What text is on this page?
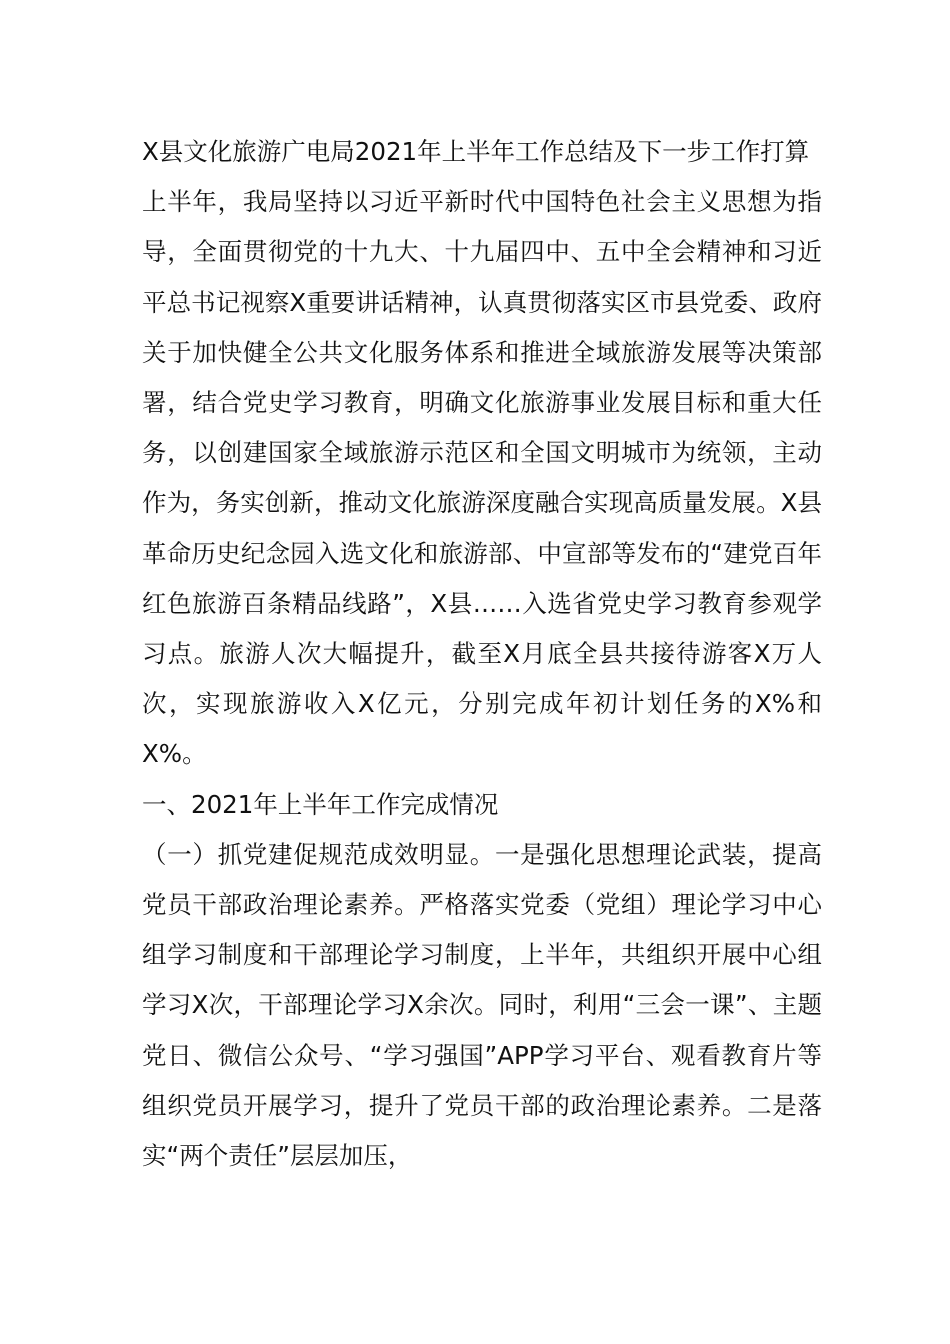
X县文化旅游广电局2021年上半年工作总结及下一步工作打算

上半年，我局坚持以习近平新时代中国特色社会主义思想为指导，全面贯彻党的十九大、十九届四中、五中全会精神和习近平总书记视察X重要讲话精神，认真贯彻落实区市县党委、政府关于加快健全公共文化服务体系和推进全域旅游发展等决策部署，结合党史学习教育，明确文化旅游事业发展目标和重大任务，以创建国家全域旅游示范区和全国文明城市为统领，主动作为，务实创新，推动文化旅游深度融合实现高质量发展。X县革命历史纪念园入选文化和旅游部、中宣部等发布的“建党百年红色旅游百条精品线路”，X县……入选省党史学习教育参观学习点。旅游人次大幅提升，截至X月底全县共接待游客X万人次，实现旅游收入X亿元，分别完成年初计划任务的X%和X%。

一、2021年上半年工作完成情况

（一）抓党建促规范成效明显。一是强化思想理论武装，提高党员干部政治理论素养。严格落实党委（党组）理论学习中心组学习制度和干部理论学习制度，上半年，共组织开展中心组学习X次，干部理论学习X余次。同时，利用“三会一课”、主题党日、微信公众号、“学习强国”APP学习平台、观看教育片等组织党员开展学习，提升了党员干部的政治理论素养。二是落实“两个责任”层层加压，
